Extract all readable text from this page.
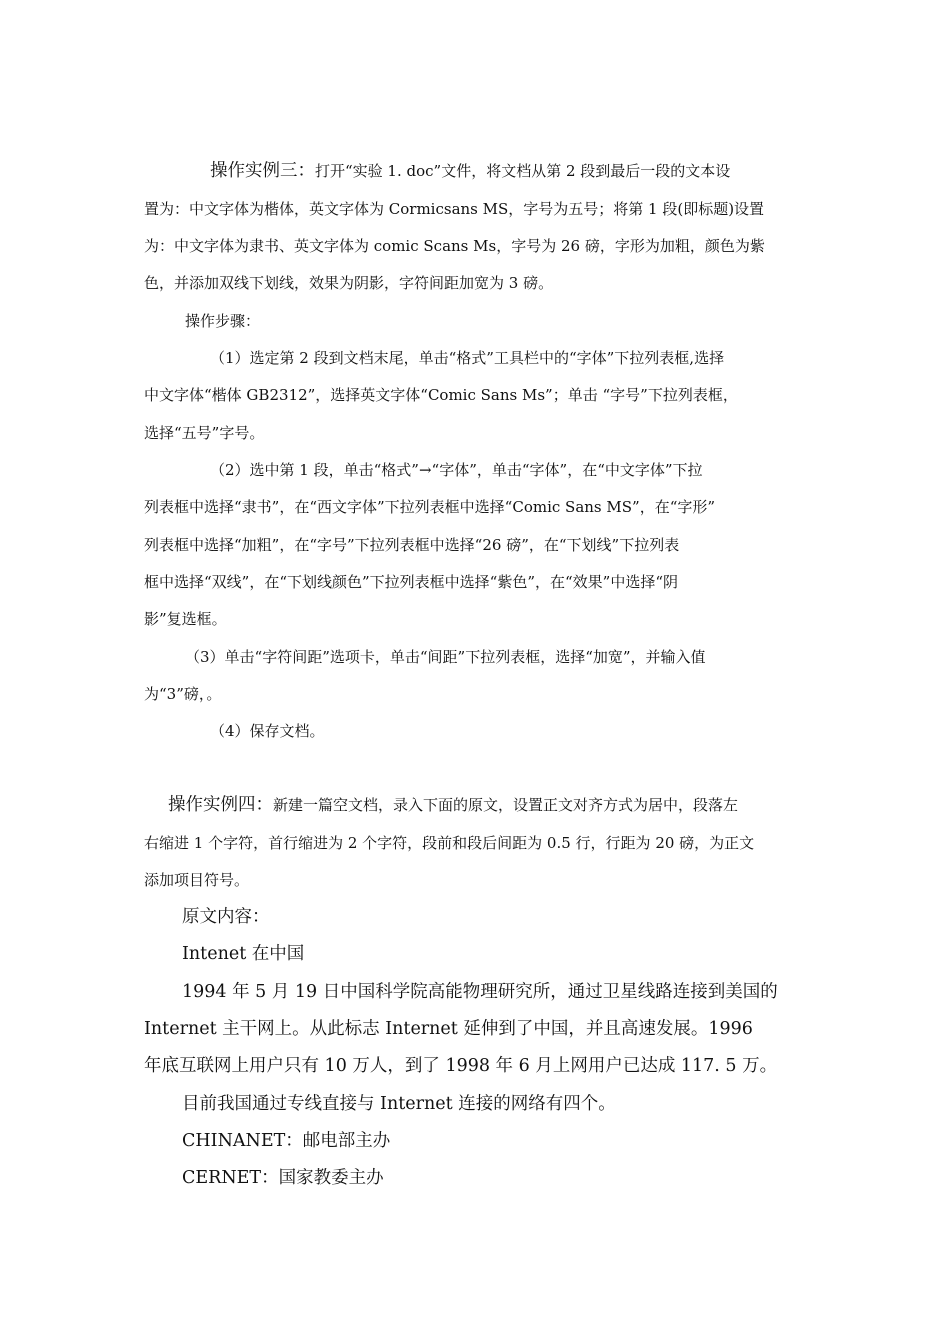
操作实例三：打开“实验 1. doc”文件，将文档从第 2 段到最后一段的文本设
置为：中文字体为楷体，英文字体为 Cormicsans MS，字号为五号；将第 1 段(即标题)设置
为：中文字体为隶书、英文字体为 comic Scans Ms，字号为 26 磅，字形为加粗，颜色为紫
色，并添加双线下划线，效果为阴影，字符间距加宽为 3 磅。
操作步骤：
（1）选定第 2 段到文档末尾，单击“格式”工具栏中的“字体”下拉列表框,选择
中文字体“楷体 GB2312”，选择英文字体“Comic Sans Ms”；单击 “字号”下拉列表框，
选择“五号”字号。
（2）选中第 1 段，单击“格式”→“字体”，单击“字体”，在“中文字体”下拉
列表框中选择“隶书”，在“西文字体”下拉列表框中选择“Comic Sans MS”，在“字形”
列表框中选择“加粗”，在“字号”下拉列表框中选择“26 磅”，在“下划线”下拉列表
框中选择“双线”，在“下划线颜色”下拉列表框中选择“紫色”，在“效果”中选择“阴
影”复选框。
（3）单击“字符间距”选项卡，单击“间距”下拉列表框，选择“加宽”，并输入值
为“3”磅，。
（4）保存文档。
操作实例四：新建一篇空文档，录入下面的原文，设置正文对齐方式为居中，段落左
右缩进 1 个字符，首行缩进为 2 个字符，段前和段后间距为 0.5 行，行距为 20 磅，为正文
添加项目符号。
原文内容：
Intenet 在中国
1994 年 5 月 19 日中国科学院高能物理研究所，通过卫星线路连接到美国的
Internet 主干网上。从此标志 Internet 延伸到了中国，并且高速发展。1996
年底互联网上用户只有 10 万人，到了 1998 年 6 月上网用户已达成 117. 5 万。
目前我国通过专线直接与 Internet 连接的网络有四个。
CHINANET：邮电部主办
CERNET：国家教委主办
